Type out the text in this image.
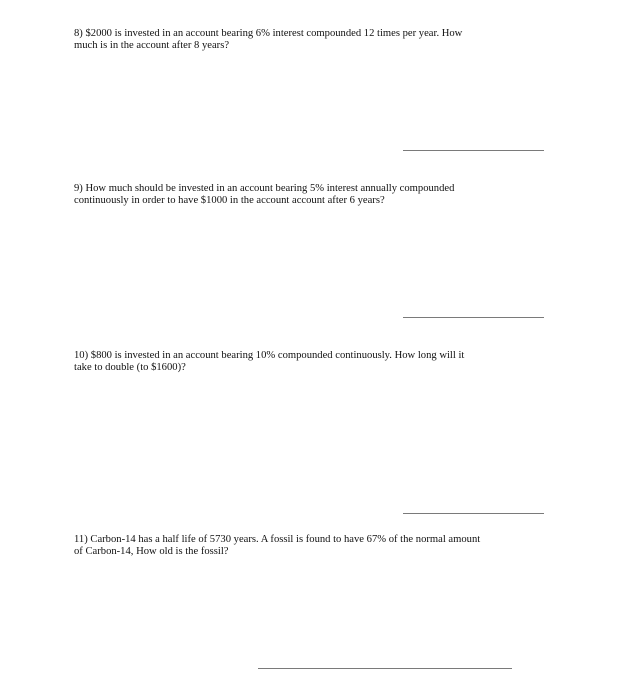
8) $2000 is invested in an account bearing 6% interest compounded 12 times per year. How
much is in the account after 8 years?

9) How much should be invested in an account bearing 5% interest annually compounded
continuously in order to have $1000 in the account account after 6 years?

10) $800 is invested in an account bearing 10% compounded continuously. How long will it
take to double (to $1600)?

11) Carbon-14 has a half life of 5730 years. A fossil is found to have 67% of the normal amount
of Carbon-14, How old is the fossil?
